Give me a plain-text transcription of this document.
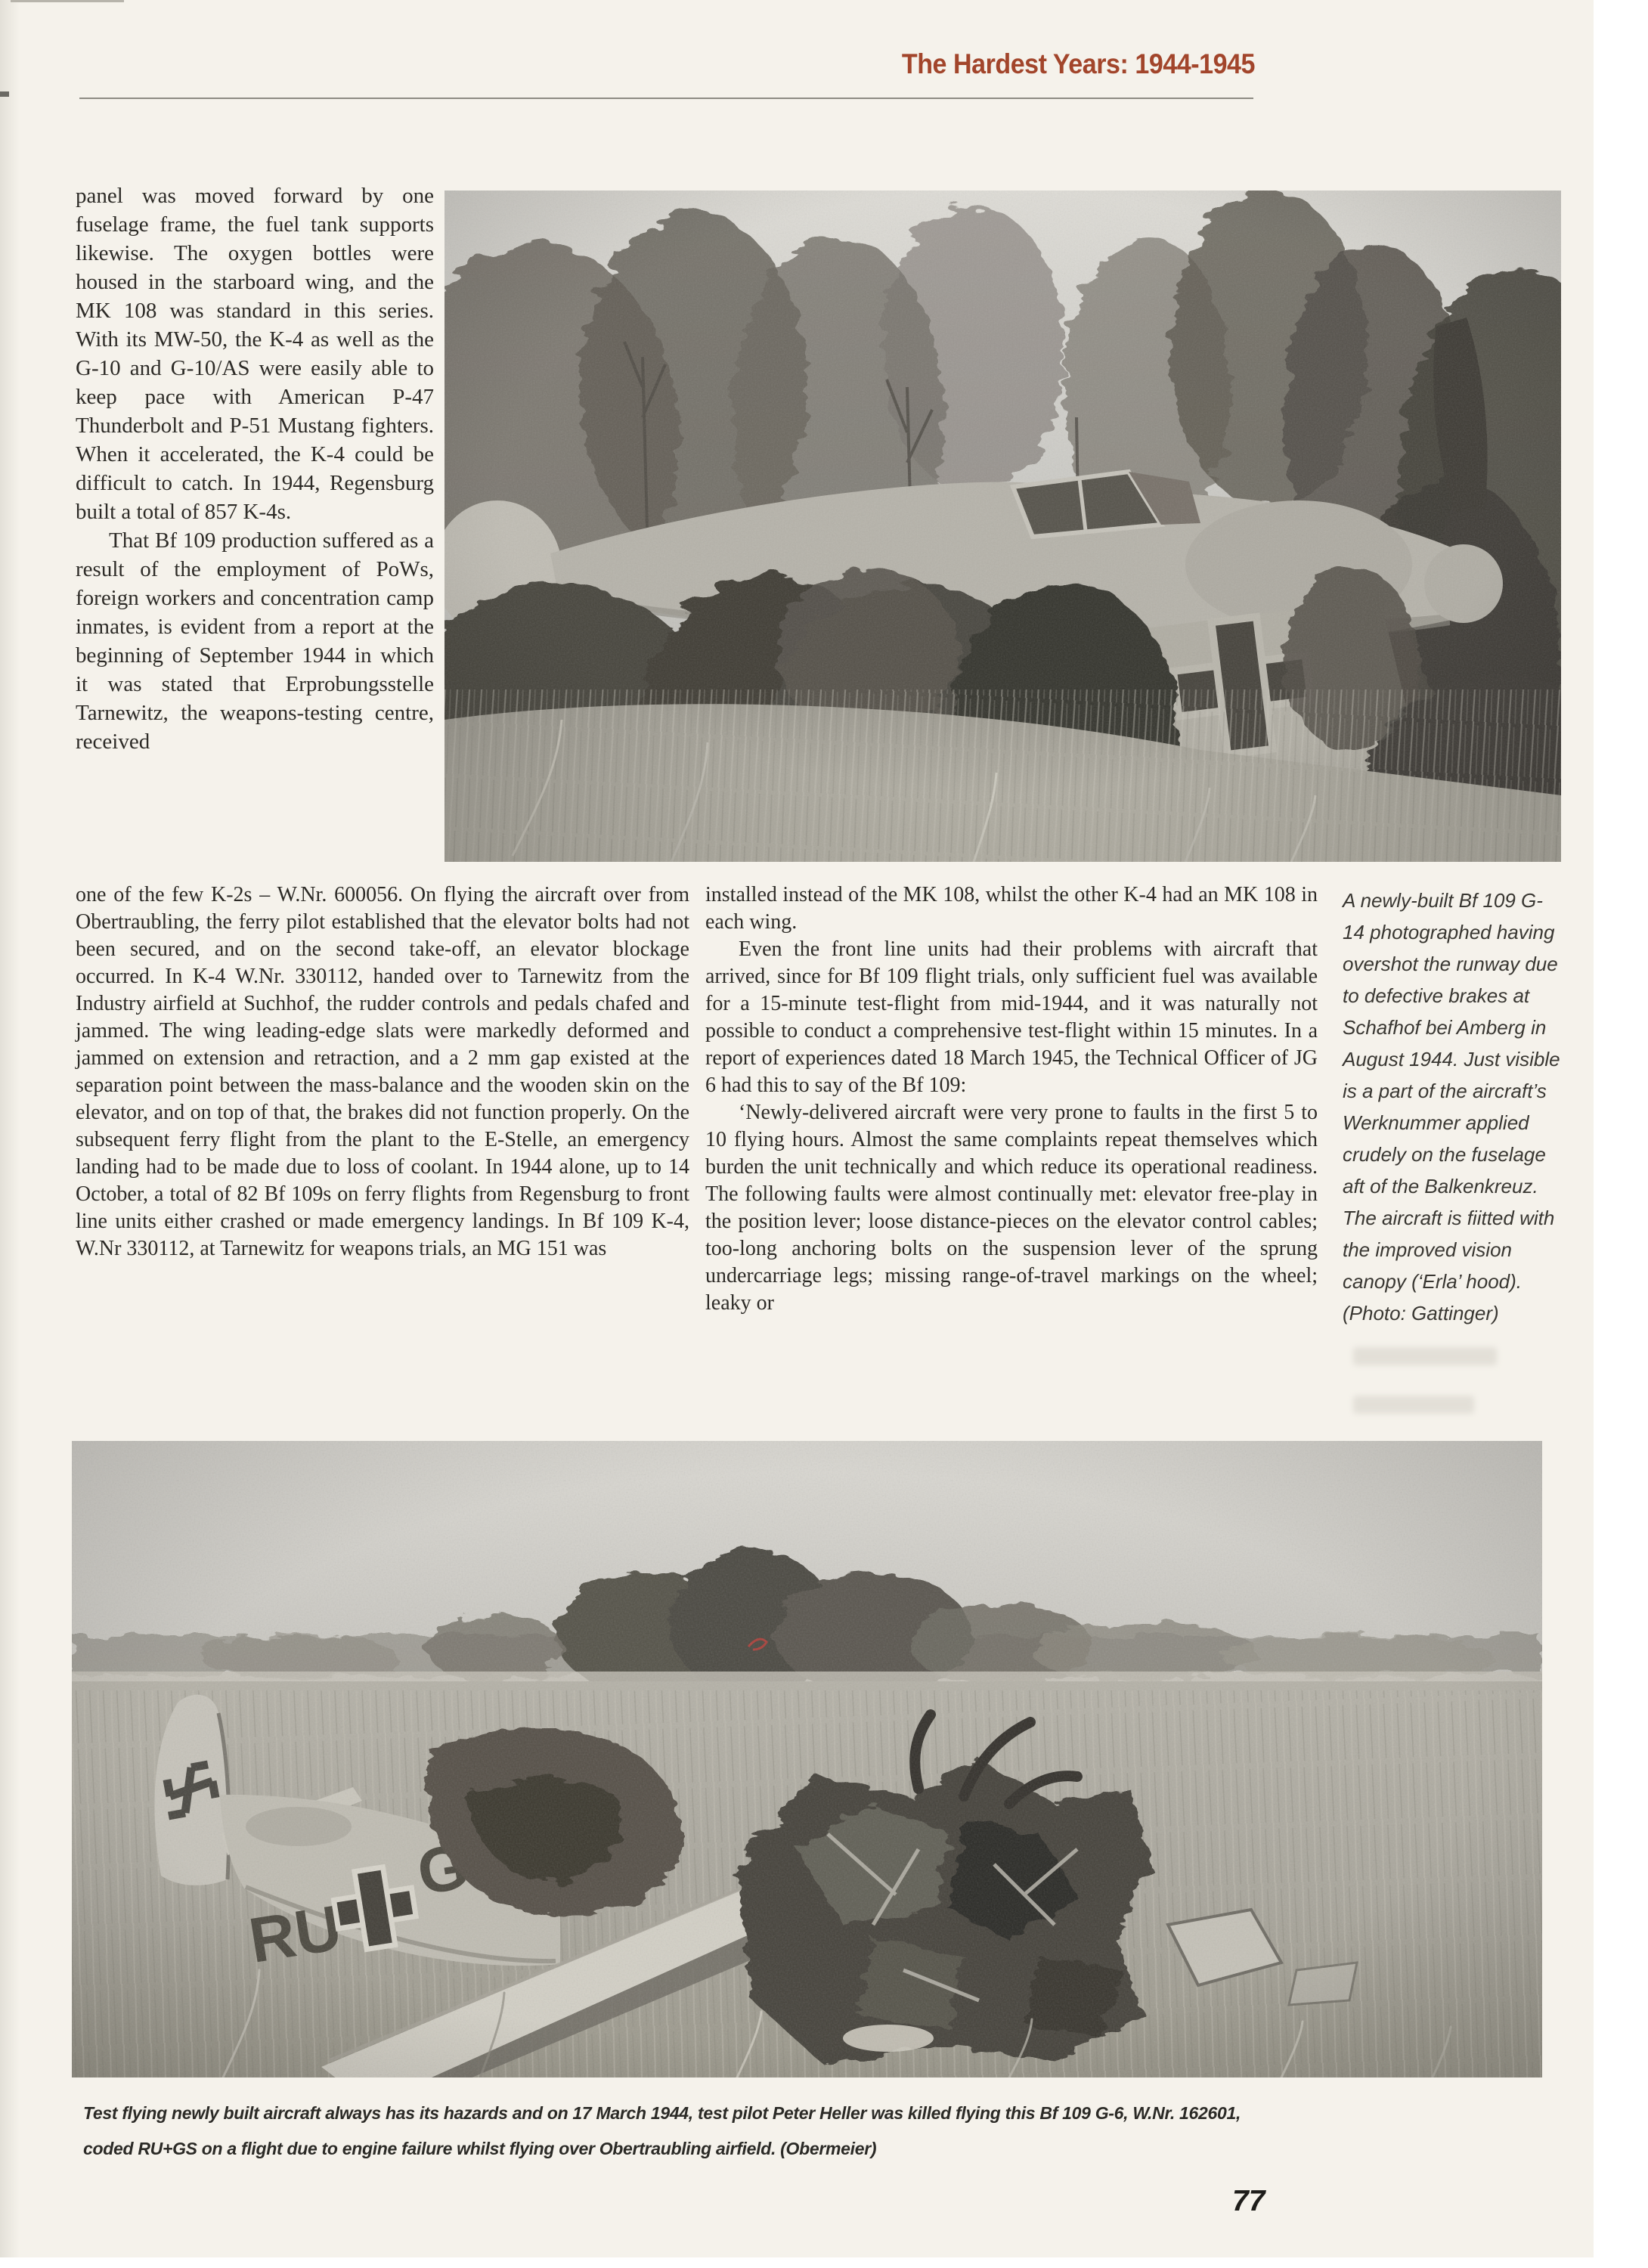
The Hardest Years: 1944-1945

panel was moved forward by one fuselage frame, the fuel tank supports likewise. The oxygen bottles were housed in the starboard wing, and the MK 108 was standard in this series. With its MW-50, the K-4 as well as the G-10 and G-10/AS were easily able to keep pace with American P-47 Thunderbolt and P-51 Mustang fighters. When it accelerated, the K-4 could be difficult to catch. In 1944, Regensburg built a total of 857 K-4s.

That Bf 109 production suffered as a result of the employment of PoWs, foreign workers and concentration camp inmates, is evident from a report at the beginning of September 1944 in which it was stated that Erprobungsstelle Tarnewitz, the weapons-testing centre, received

one of the few K-2s – W.Nr. 600056. On flying the aircraft over from Obertraubling, the ferry pilot established that the elevator bolts had not been secured, and on the second take-off, an elevator blockage occurred. In K-4 W.Nr. 330112, handed over to Tarnewitz from the Industry airfield at Suchhof, the rudder controls and pedals chafed and jammed. The wing leading-edge slats were markedly deformed and jammed on extension and retraction, and a 2 mm gap existed at the separation point between the mass-balance and the wooden skin on the elevator, and on top of that, the brakes did not function properly. On the subsequent ferry flight from the plant to the E-Stelle, an emergency landing had to be made due to loss of coolant. In 1944 alone, up to 14 October, a total of 82 Bf 109s on ferry flights from Regensburg to front line units either crashed or made emergency landings. In Bf 109 K-4, W.Nr 330112, at Tarnewitz for weapons trials, an MG 151 was

installed instead of the MK 108, whilst the other K-4 had an MK 108 in each wing.

Even the front line units had their problems with aircraft that arrived, since for Bf 109 flight trials, only sufficient fuel was available for a 15-minute test-flight from mid-1944, and it was naturally not possible to conduct a comprehensive test-flight within 15 minutes. In a report of experiences dated 18 March 1945, the Technical Officer of JG 6 had this to say of the Bf 109:

‘Newly-delivered aircraft were very prone to faults in the first 5 to 10 flying hours. Almost the same complaints repeat themselves which burden the unit technically and which reduce its operational readiness. The following faults were almost continually met: elevator free-play in the position lever; loose distance-pieces on the elevator control cables; too-long anchoring bolts on the suspension lever of the sprung undercarriage legs; missing range-of-travel markings on the wheel; leaky or

A newly-built Bf 109 G-14 photographed having overshot the runway due to defective brakes at Schafhof bei Amberg in August 1944. Just visible is a part of the aircraft’s Werknummer applied crudely on the fuselage aft of the Balkenkreuz. The aircraft is fiitted with the improved vision canopy (‘Erla’ hood). (Photo: Gattinger)
Test flying newly built aircraft always has its hazards and on 17 March 1944, test pilot Peter Heller was killed flying this Bf 109 G-6, W.Nr. 162601, coded RU+GS on a flight due to engine failure whilst flying over Obertraubling airfield. (Obermeier)
77
